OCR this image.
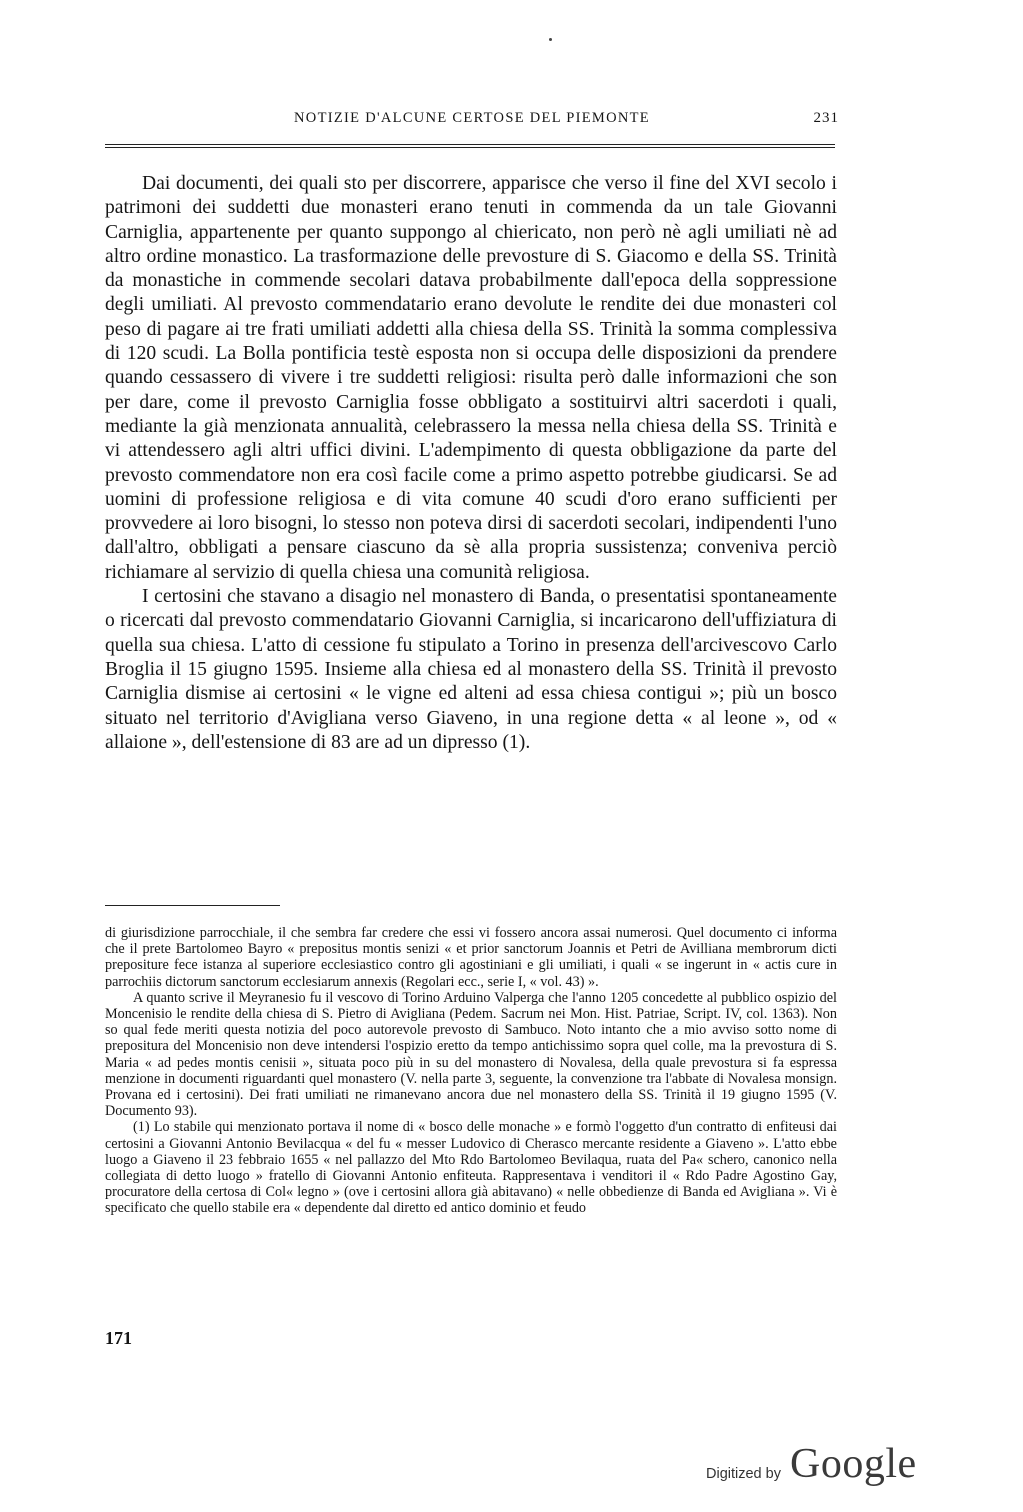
NOTIZIE D'ALCUNE CERTOSE DEL PIEMONTE	231

Dai documenti, dei quali sto per discorrere, apparisce che verso il fine del XVI secolo i patrimoni dei suddetti due monasteri erano tenuti in commenda da un tale Giovanni Carniglia, appartenente per quanto suppongo al chiericato, non però nè agli umiliati nè ad altro ordine monastico. La trasformazione delle prevosture di S. Giacomo e della SS. Trinità da monastiche in commende secolari datava probabilmente dall'epoca della soppressione degli umiliati. Al prevosto commendatario erano devolute le rendite dei due monasteri col peso di pagare ai tre frati umiliati addetti alla chiesa della SS. Trinità la somma complessiva di 120 scudi. La Bolla pontificia testè esposta non si occupa delle disposizioni da prendere quando cessassero di vivere i tre suddetti religiosi: risulta però dalle informazioni che son per dare, come il prevosto Carniglia fosse obbligato a sostituirvi altri sacerdoti i quali, mediante la già menzionata annualità, celebrassero la messa nella chiesa della SS. Trinità e vi attendessero agli altri uffici divini. L'adempimento di questa obbligazione da parte del prevosto commendatore non era così facile come a primo aspetto potrebbe giudicarsi. Se ad uomini di professione religiosa e di vita comune 40 scudi d'oro erano sufficienti per provvedere ai loro bisogni, lo stesso non poteva dirsi di sacerdoti secolari, indipendenti l'uno dall'altro, obbligati a pensare ciascuno da sè alla propria sussistenza; conveniva perciò richiamare al servizio di quella chiesa una comunità religiosa.

I certosini che stavano a disagio nel monastero di Banda, o presentatisi spontaneamente o ricercati dal prevosto commendatario Giovanni Carniglia, si incaricarono dell'uffiziatura di quella sua chiesa. L'atto di cessione fu stipulato a Torino in presenza dell'arcivescovo Carlo Broglia il 15 giugno 1595. Insieme alla chiesa ed al monastero della SS. Trinità il prevosto Carniglia dismise ai certosini « le vigne ed alteni ad essa chiesa contigui »; più un bosco situato nel territorio d'Avigliana verso Giaveno, in una regione detta « al leone », od « allaione », dell'estensione di 83 are ad un dipresso (1).

di giurisdizione parrocchiale, il che sembra far credere che essi vi fossero ancora assai numerosi. Quel documento ci informa che il prete Bartolomeo Bayro « prepositus montis senizi « et prior sanctorum Joannis et Petri de Avilliana membrorum dicti prepositure fece istanza al superiore ecclesiastico contro gli agostiniani e gli umiliati, i quali « se ingerunt in « actis cure in parrochiis dictorum sanctorum ecclesiarum annexis (Regolari ecc., serie I, « vol. 43) ».

A quanto scrive il Meyranesio fu il vescovo di Torino Arduino Valperga che l'anno 1205 concedette al pubblico ospizio del Moncenisio le rendite della chiesa di S. Pietro di Avigliana (Pedem. Sacrum nei Mon. Hist. Patriae, Script. IV, col. 1363). Non so qual fede meriti questa notizia del poco autorevole prevosto di Sambuco. Noto intanto che a mio avviso sotto nome di prepositura del Moncenisio non deve intendersi l'ospizio eretto da tempo antichissimo sopra quel colle, ma la prevostura di S. Maria « ad pedes montis cenisii », situata poco più in su del monastero di Novalesa, della quale prevostura si fa espressa menzione in documenti riguardanti quel monastero (V. nella parte 3, seguente, la convenzione tra l'abbate di Novalesa monsign. Provana ed i certosini). Dei frati umiliati ne rimanevano ancora due nel monastero della SS. Trinità il 19 giugno 1595 (V. Documento 93).

(1) Lo stabile qui menzionato portava il nome di « bosco delle monache » e formò l'oggetto d'un contratto di enfiteusi dai certosini a Giovanni Antonio Bevilacqua « del fu « messer Ludovico di Cherasco mercante residente a Giaveno ». L'atto ebbe luogo a Giaveno il 23 febbraio 1655 « nel pallazzo del Mto Rdo Bartolomeo Bevilaqua, ruata del Pa« schero, canonico nella collegiata di detto luogo » fratello di Giovanni Antonio enfiteuta. Rappresentava i venditori il « Rdo Padre Agostino Gay, procuratore della certosa di Col« legno » (ove i certosini allora già abitavano) « nelle obbedienze di Banda ed Avigliana ». Vi è specificato che quello stabile era « dependente dal diretto ed antico dominio et feudo

171
Digitized by Google
